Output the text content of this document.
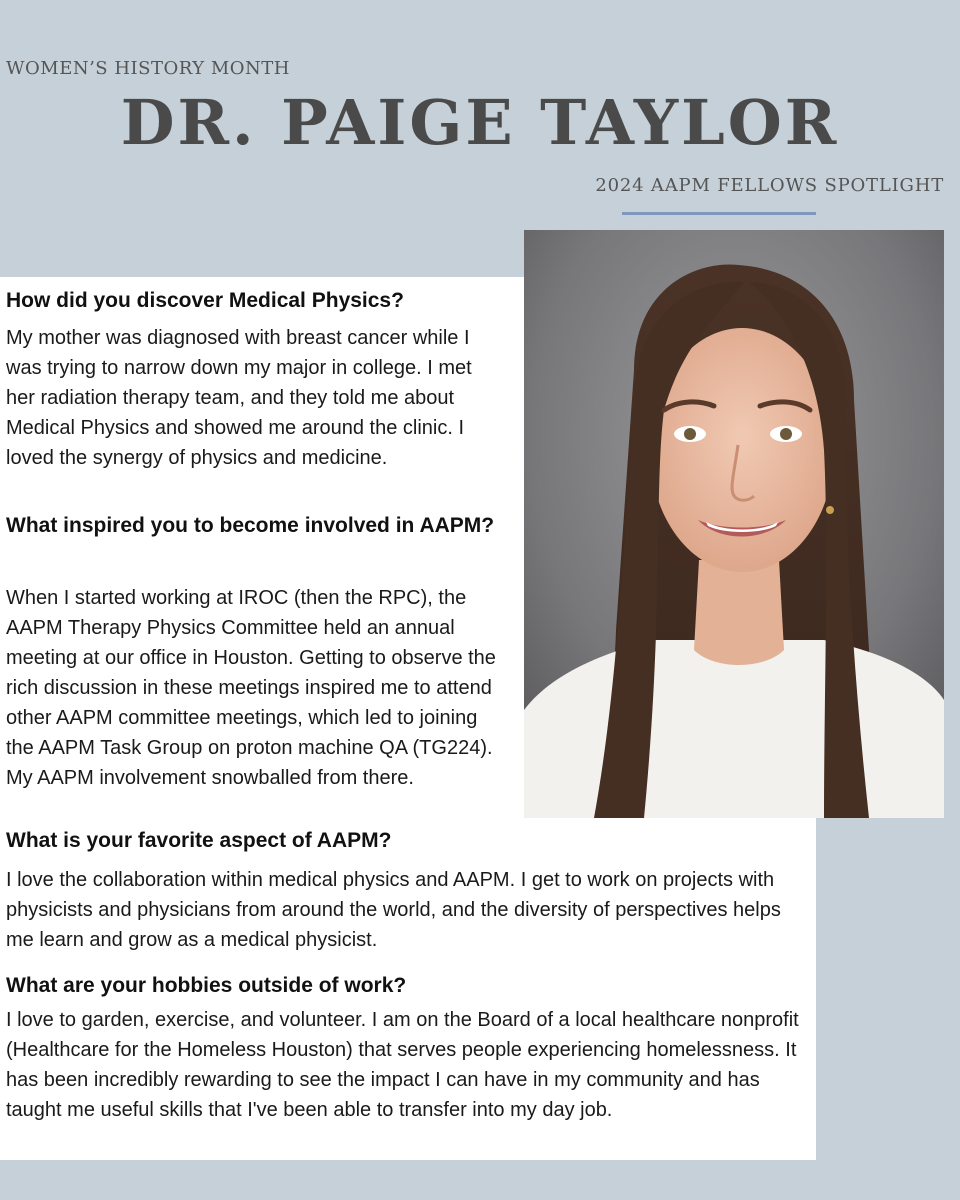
WOMEN’S HISTORY MONTH
DR. PAIGE TAYLOR
2024 AAPM FELLOWS SPOTLIGHT
How did you discover Medical Physics?
My mother was diagnosed with breast cancer while I was trying to narrow down my major in college. I met her radiation therapy team, and they told me about Medical Physics and showed me around the clinic. I loved the synergy of physics and medicine.
What inspired you to become involved in AAPM?
When I started working at IROC (then the RPC), the AAPM Therapy Physics Committee held an annual meeting at our office in Houston. Getting to observe the rich discussion in these meetings inspired me to attend other AAPM committee meetings, which led to joining the AAPM Task Group on proton machine QA (TG224). My AAPM involvement snowballed from there.
What is your favorite aspect of AAPM?
I love the collaboration within medical physics and AAPM. I get to work on projects with physicists and physicians from around the world, and the diversity of perspectives helps me learn and grow as a medical physicist.
What are your hobbies outside of work?
I love to garden, exercise, and volunteer. I am on the Board of a local healthcare nonprofit (Healthcare for the Homeless Houston) that serves people experiencing homelessness. It has been incredibly rewarding to see the impact I can have in my community and has taught me useful skills that I've been able to transfer into my day job.
